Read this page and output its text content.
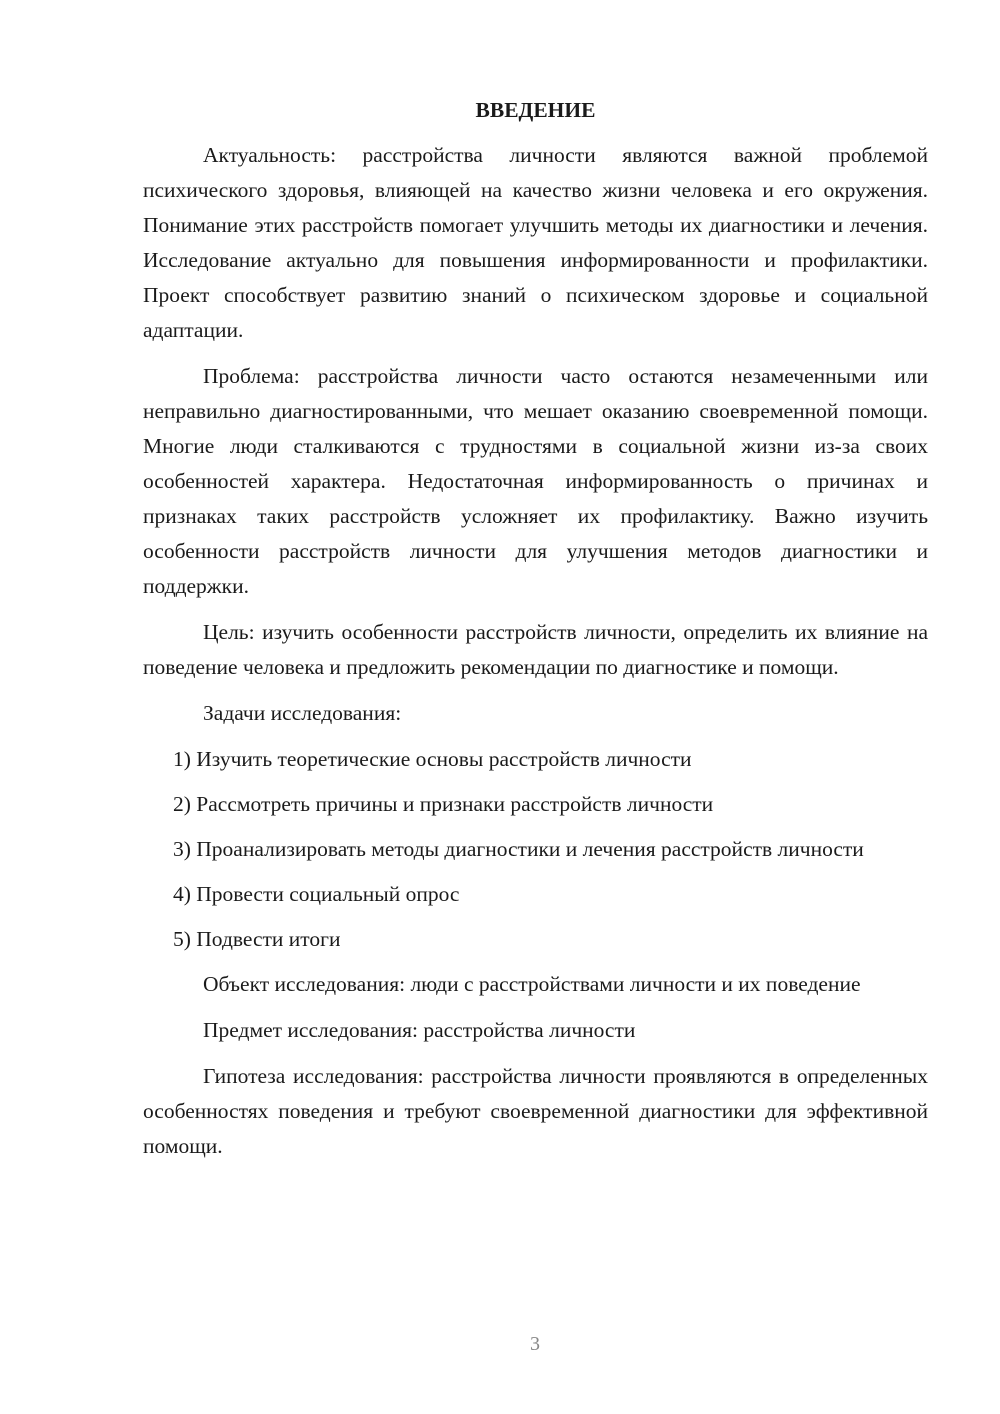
ВВЕДЕНИЕ

Актуальность: расстройства личности являются важной проблемой психического здоровья, влияющей на качество жизни человека и его окружения. Понимание этих расстройств помогает улучшить методы их диагностики и лечения. Исследование актуально для повышения информированности и профилактики. Проект способствует развитию знаний о психическом здоровье и социальной адаптации.

Проблема: расстройства личности часто остаются незамеченными или неправильно диагностированными, что мешает оказанию своевременной помощи. Многие люди сталкиваются с трудностями в социальной жизни из-за своих особенностей характера. Недостаточная информированность о причинах и признаках таких расстройств усложняет их профилактику. Важно изучить особенности расстройств личности для улучшения методов диагностики и поддержки.

Цель: изучить особенности расстройств личности, определить их влияние на поведение человека и предложить рекомендации по диагностике и помощи.

Задачи исследования:

1) Изучить теоретические основы расстройств личности

2) Рассмотреть причины и признаки расстройств личности

3) Проанализировать методы диагностики и лечения расстройств личности

4) Провести социальный опрос

5) Подвести итоги

Объект исследования: люди с расстройствами личности и их поведение

Предмет исследования: расстройства личности

Гипотеза исследования: расстройства личности проявляются в определенных особенностях поведения и требуют своевременной диагностики для эффективной помощи.

3
